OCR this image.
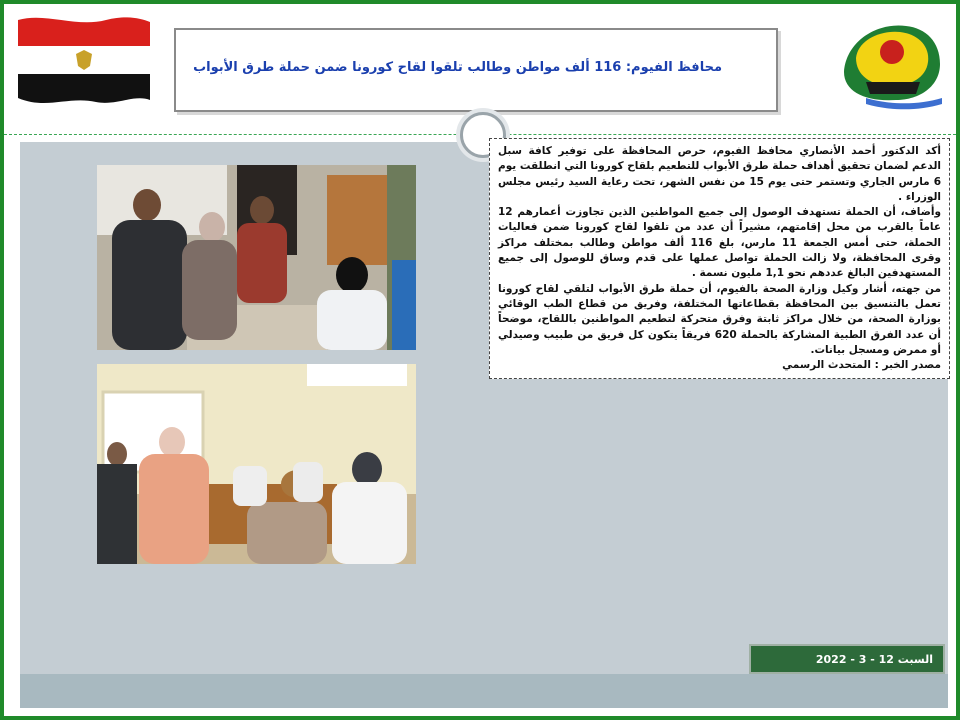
محافظ الفيوم: 116 ألف مواطن وطالب تلقوا لقاح كورونا ضمن حملة طرق الأبواب

أكد الدكتور أحمد الأنصاري محافظ الفيوم، حرص المحافظة على توفير كافة سبل الدعم لضمان تحقيق أهداف حملة طرق الأبواب للتطعيم بلقاح كورونا التي انطلقت يوم 6 مارس الجاري وتستمر حتى يوم 15 من نفس الشهر، تحت رعاية السيد رئيس مجلس الوزراء .

وأضاف، أن الحملة تستهدف الوصول إلى جميع المواطنين الذين تجاوزت أعمارهم 12 عاماً بالقرب من محل إقامتهم، مشيراً أن عدد من تلقوا لقاح كورونا ضمن فعاليات الحملة، حتى أمس الجمعة 11 مارس، بلغ 116 ألف مواطن وطالب بمختلف مراكز وقرى المحافظة، ولا زالت الحملة تواصل عملها على قدم وساق للوصول إلى جميع المستهدفين البالغ عددهم نحو 1,1 مليون نسمة .

من جهته، أشار وكيل وزارة الصحة بالفيوم، أن حملة طرق الأبواب لتلقي لقاح كورونا تعمل بالتنسيق بين المحافظة بقطاعاتها المختلفة، وفريق من قطاع الطب الوقائي بوزارة الصحة، من خلال مراكز ثابتة وفرق متحركة لتطعيم المواطنين باللقاح، موضحاً أن عدد الفرق الطبية المشاركة بالحملة 620 فريقاً يتكون كل فريق من طبيب وصيدلي أو ممرض ومسجل بيانات.

مصدر الخبر : المتحدث الرسمي

السبت 12 - 3 - 2022
